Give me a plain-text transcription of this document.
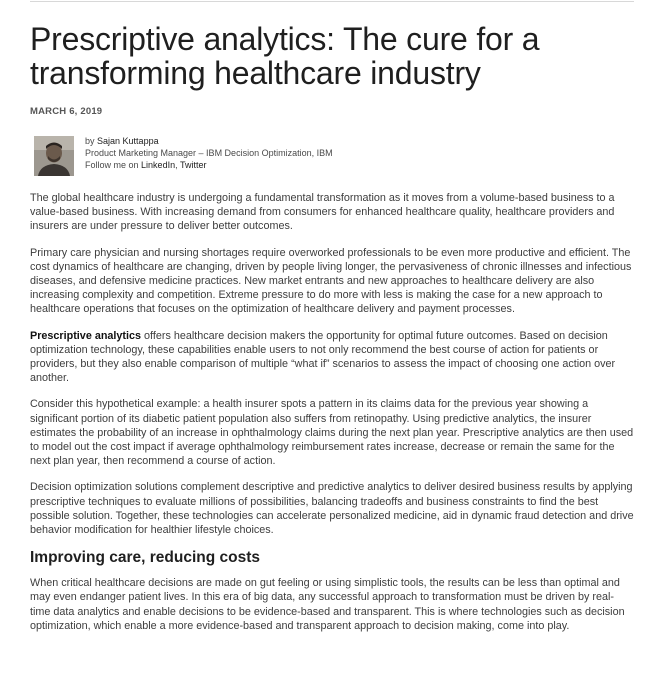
Prescriptive analytics: The cure for a transforming healthcare industry
MARCH 6, 2019
by Sajan Kuttappa
Product Marketing Manager – IBM Decision Optimization, IBM
Follow me on LinkedIn, Twitter

The global healthcare industry is undergoing a fundamental transformation as it moves from a volume-based business to a value-based business. With increasing demand from consumers for enhanced healthcare quality, healthcare providers and insurers are under pressure to deliver better outcomes.

Primary care physician and nursing shortages require overworked professionals to be even more productive and efficient. The cost dynamics of healthcare are changing, driven by people living longer, the pervasiveness of chronic illnesses and infectious diseases, and defensive medicine practices. New market entrants and new approaches to healthcare delivery are also increasing complexity and competition. Extreme pressure to do more with less is making the case for a new approach to healthcare operations that focuses on the optimization of healthcare delivery and payment processes.

Prescriptive analytics offers healthcare decision makers the opportunity for optimal future outcomes. Based on decision optimization technology, these capabilities enable users to not only recommend the best course of action for patients or providers, but they also enable comparison of multiple “what if” scenarios to assess the impact of choosing one action over another.

Consider this hypothetical example: a health insurer spots a pattern in its claims data for the previous year showing a significant portion of its diabetic patient population also suffers from retinopathy. Using predictive analytics, the insurer estimates the probability of an increase in ophthalmology claims during the next plan year. Prescriptive analytics are then used to model out the cost impact if average ophthalmology reimbursement rates increase, decrease or remain the same for the next plan year, then recommend a course of action.

Decision optimization solutions complement descriptive and predictive analytics to deliver desired business results by applying prescriptive techniques to evaluate millions of possibilities, balancing tradeoffs and business constraints to find the best possible solution. Together, these technologies can accelerate personalized medicine, aid in dynamic fraud detection and drive behavior modification for healthier lifestyle choices.

Improving care, reducing costs

When critical healthcare decisions are made on gut feeling or using simplistic tools, the results can be less than optimal and may even endanger patient lives. In this era of big data, any successful approach to transformation must be driven by real-time data analytics and enable decisions to be evidence-based and transparent. This is where technologies such as decision optimization, which enable a more evidence-based and transparent approach to decision making, come into play.
